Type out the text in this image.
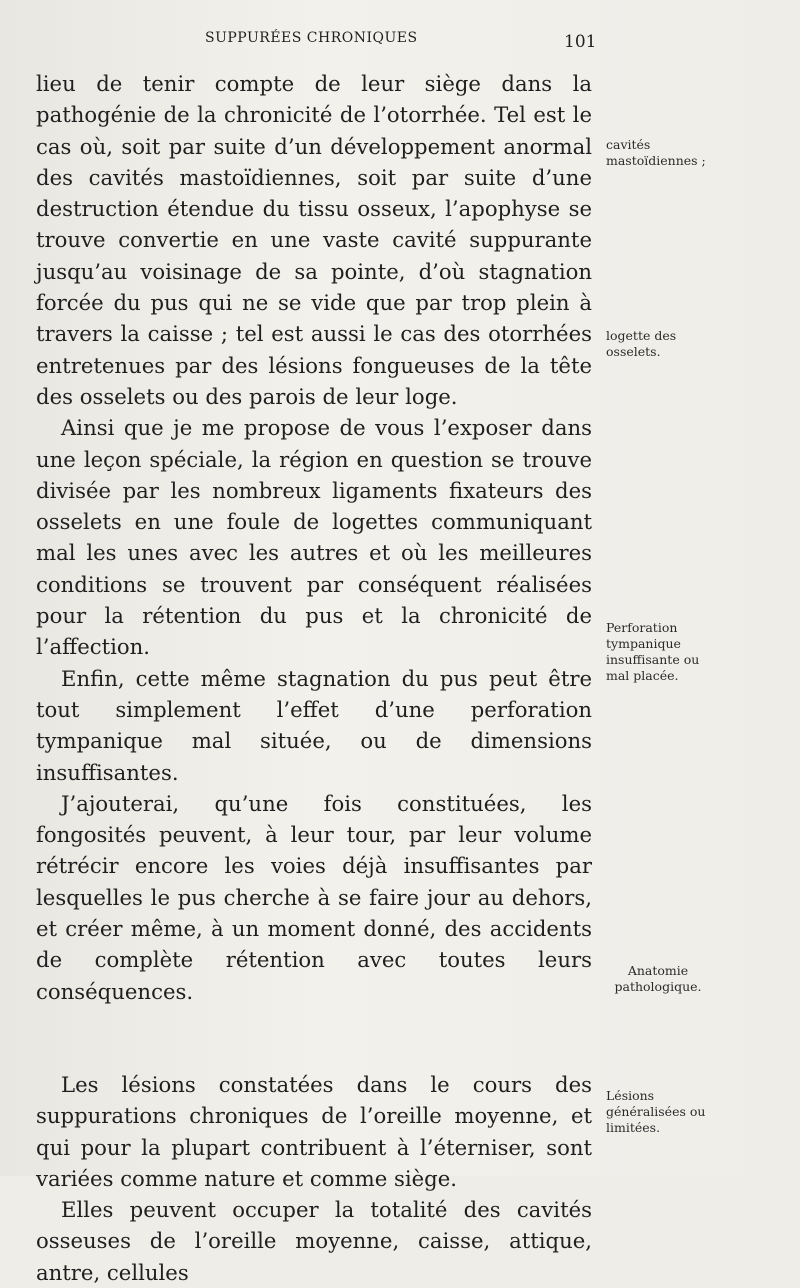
SUPPURÉES CHRONIQUES	101

lieu de tenir compte de leur siège dans la pathogénie de la chronicité de l’otorrhée. Tel est le cas où, soit par suite d’un développement anormal des cavités mastoïdiennes, soit par suite d’une destruction étendue du tissu osseux, l’apophyse se trouve convertie en une vaste cavité suppurante jusqu’au voisinage de sa pointe, d’où stagnation forcée du pus qui ne se vide que par trop plein à travers la caisse ; tel est aussi le cas des otorrhées entretenues par des lésions fongueuses de la tête des osselets ou des parois de leur loge.

Ainsi que je me propose de vous l’exposer dans une leçon spéciale, la région en question se trouve divisée par les nombreux ligaments fixateurs des osselets en une foule de logettes communiquant mal les unes avec les autres et où les meilleures conditions se trouvent par conséquent réalisées pour la rétention du pus et la chronicité de l’affection.

Enfin, cette même stagnation du pus peut être tout simplement l’effet d’une perforation tympanique mal située, ou de dimensions insuffisantes.

J’ajouterai, qu’une fois constituées, les fongosités peuvent, à leur tour, par leur volume rétrécir encore les voies déjà insuffisantes par lesquelles le pus cherche à se faire jour au dehors, et créer même, à un moment donné, des accidents de complète rétention avec toutes leurs conséquences.

Les lésions constatées dans le cours des suppurations chroniques de l’oreille moyenne, et qui pour la plupart contribuent à l’éterniser, sont variées comme nature et comme siège.

Elles peuvent occuper la totalité des cavités osseuses de l’oreille moyenne, caisse, attique, antre, cellules

cavités mastoïdiennes ;
logette des osselets.
Perforation tympanique insuffisante ou mal placée.
Anatomie pathologique.
Lésions généralisées ou limitées.
